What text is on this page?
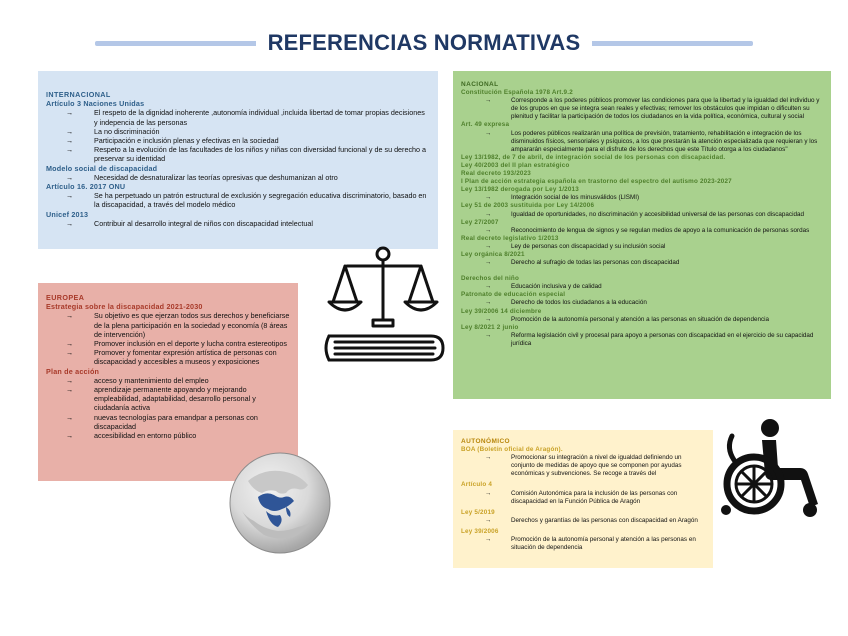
REFERENCIAS NORMATIVAS
INTERNACIONAL
Artículo 3 Naciones Unidas
→	El respeto de la dignidad inoherente ,autonomía individual ,incluida libertad de tomar propias decisiones y indepencia de las personas
→	La no discriminación
→	Participación e inclusión plenas y efectivas en la sociedad
→	Respeto a la evolución de las facultades de los niños y niñas con diversidad funcional y de su derecho a preservar su identidad
Modelo social de discapacidad
→	Necesidad de desnaturalizar las teorías opresivas que deshumanizan al otro
Artículo 16. 2017 ONU
→	Se ha perpetuado un patrón estructural de exclusión y segregación educativa discriminatorio, basado en la discapacidad, a través del modelo médico
Unicef 2013
→	Contribuir al desarrollo integral de niños con discapacidad intelectual
EUROPEA
Estrategia sobre la discapacidad 2021-2030
→	Su objetivo es que ejerzan todos sus derechos y beneficiarse de la plena participación en la sociedad y economía (8 áreas de intervención)
→	Promover inclusión en el deporte y lucha contra estereotipos
→	Promover y fomentar expresión artística de personas con discapacidad y accesibles a museos y exposiciones
Plan de acción
→	acceso y mantenimiento del empleo
→	aprendizaje permanente apoyando y mejorando empleabilidad, adaptabilidad, desarrollo personal y ciudadanía activa
→	nuevas tecnologías para emandpar a personas con discapacidad
→	accesibilidad en entorno público
NACIONAL
Constitución Española 1978 Art.9.2
→	Corresponde a los poderes públicos promover las condiciones para que la libertad y la igualdad del individuo y de los grupos en que se integra sean reales y efectivas; remover los obstáculos que impidan o dificulten su plenitud y facilitar la participación de todos los ciudadanos en la vida política, económica, cultural y social
Art. 49 expresa
→	Los poderes públicos realizarán una política de previsión, tratamiento, rehabilitación e integración de los disminuidos físicos, sensoriales y psíquicos, a los que prestarán la atención especializada que requieran y los ampararán especialmente para el disfrute de los derechos que este Título otorga a los ciudadanos"
Ley 13/1982, de 7 de abril, de integración social de los personas con discapacidad.
Ley 40/2003 del II plan estratégico
Real decreto 193/2023
I Plan de acción estrategia española en trastorno del espectro del autismo 2023-2027
Ley 13/1982 derogada por Ley 1/2013
→	Integración social de los minusválidos (LISMI)
Ley 51 de 2003 sustituida por Ley 14/2006
→	Igualdad de oportunidades, no discriminación y accesibilidad universal de las personas con discapacidad
Ley 27/2007
→	Reconocimiento de lengua de signos y se regulan medios de apoyo a la comunicación de personas sordas
Real decreto legislativo 1/2013
→	Ley de personas con discapacidad y su inclusión social
Ley orgánica 8/2021
→	Derecho al sufragio de todas las personas con discapacidad
Derechos del niño
→	Educación inclusiva y de calidad
Patronato de educación especial
→	Derecho de todos los ciudadanos a la educación
Ley 39/2006 14 diciembre
→	Promoción de la autonomía personal y atención a las personas en situación de dependencia
Ley 8/2021 2 junio
→	Reforma legislación civil y procesal para apoyo a personas con discapacidad en el ejercicio de su capacidad jurídica
AUTONÓMICO
BOA (Boletín oficial de Aragón).
→	Promocionar su integración a nivel de igualdad definiendo un conjunto de medidas de apoyo que se componen por ayudas económicas y subvenciones. Se recoge a través del
Artículo 4
→	Comisión Autonómica para la inclusión de las personas con discapacidad en la Función Pública de Aragón
Ley 5/2019
→	Derechos y garantías de las personas con discapacidad en Aragón
Ley 39/2006
→	Promoción de la autonomía personal y atención a las personas en situación de dependencia
